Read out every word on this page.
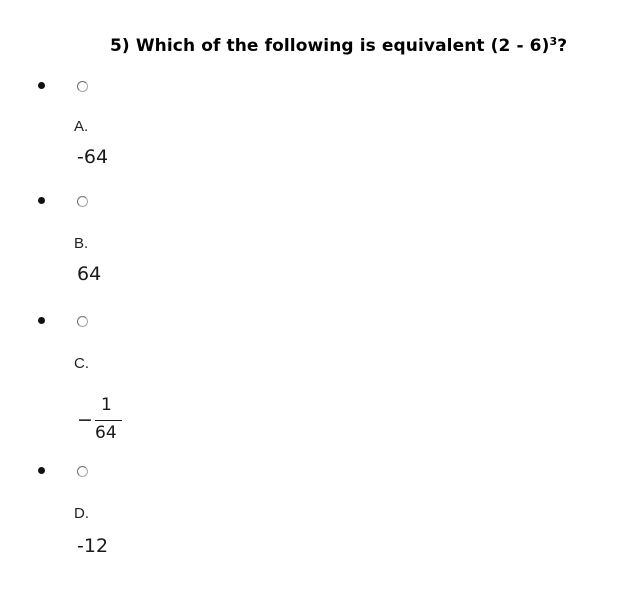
5) Which of the following is equivalent (2 - 6)$^3$?
A.
-64
B.
64
C.
−
1
64
D.
-12
